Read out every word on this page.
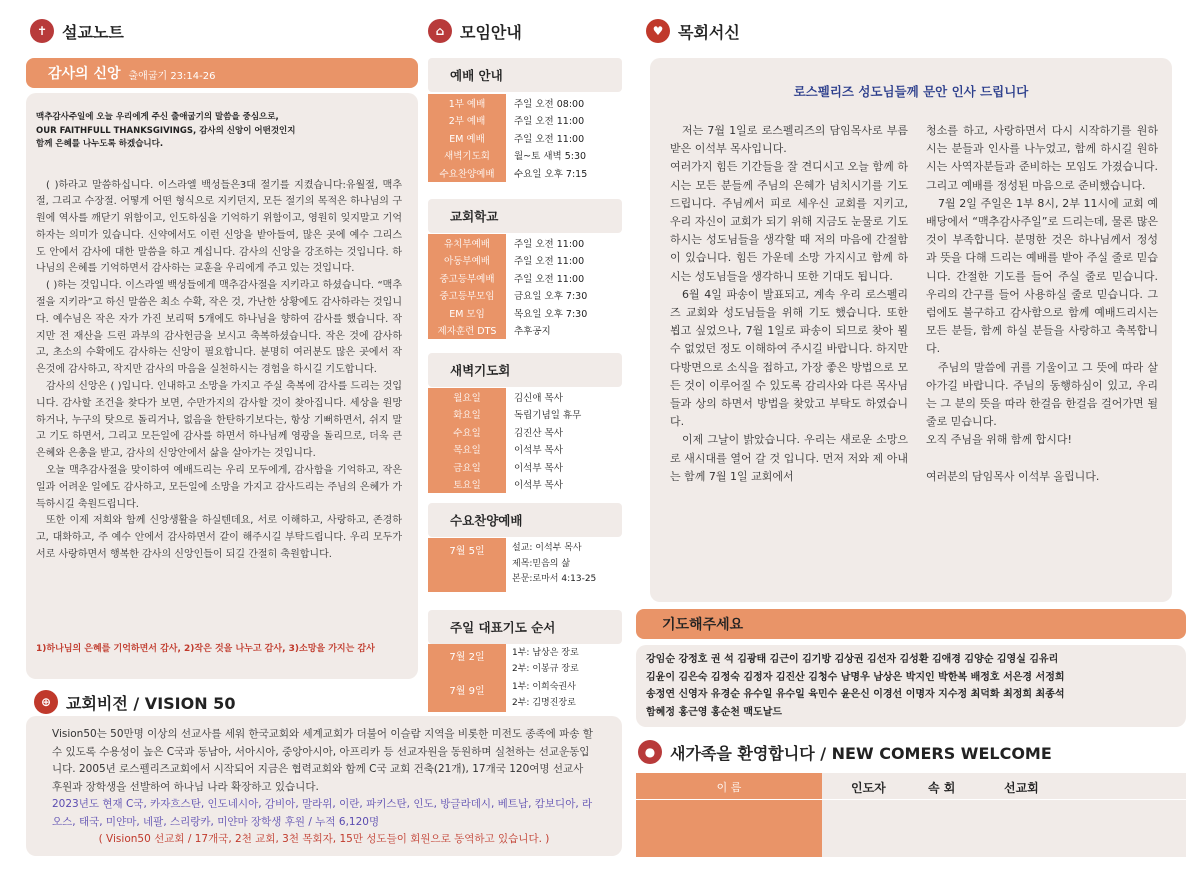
✝ 설교노트
감사의 신앙 출애굽기 23:14-26
맥추감사주일에 오늘 우리에게 주신 출애굽기의 말씀을 중심으로,
OUR FAITHFULL THANKSGIVINGS, 감사의 신앙이 어떤것인지
함께 은혜를 나누도록 하겠습니다.

( )하라고 말씀하십니다. 이스라엘 백성들은3대 절기를 지켰습니다:유월절, 맥추절, 그리고 수장절. 어떻게 어떤 형식으로 지키던지, 모든 절기의 목적은 하나님의 구원에 역사를 깨닫기 위함이고, 인도하심을 기억하기 위함이고, 영원히 잊지말고 기억하자는 의미가 있습니다. 신약에서도 이런 신앙을 받아들여, 많은 곳에 예수 그리스도 안에서 감사에 대한 말씀을 하고 계십니다. 감사의 신앙을 강조하는 것입니다. 하나님의 은혜를 기억하면서 감사하는 교훈을 우리에게 주고 있는 것입니다.

( )하는 것입니다. 이스라엘 백성들에게 맥추감사절을 지키라고 하셨습니다. “맥추절을 지키라”고 하신 말씀은 최소 수확, 작은 것, 가난한 상황에도 감사하라는 것입니다. 예수님은 작은 자가 가진 보리떡 5개에도 하나님을 향하여 감사를 했습니다. 작지만 전 재산을 드린 과부의 감사헌금을 보시고 축복하셨습니다. 작은 것에 감사하고, 초소의 수확에도 감사하는 신앙이 필요합니다. 분명히 여러분도 많은 곳에서 작은것에 감사하고, 작지만 감사의 마음을 실천하시는 경험을 하시길 기도합니다.

감사의 신앙은 ( )입니다. 인내하고 소망을 가지고 주실 축복에 감사를 드리는 것입니다. 감사할 조건을 찾다가 보면, 수만가지의 감사할 것이 찾아집니다. 세상을 원망하거나, 누구의 탓으로 돌리거나, 없음을 한탄하기보다는, 항상 기뻐하면서, 쉬지 말고 기도 하면서, 그리고 모든일에 감사를 하면서 하나님께 영광을 돌리므로, 더욱 큰 은혜와 은총을 받고, 감사의 신앙안에서 삶을 살아가는 것입니다.

오늘 맥추감사절을 맞이하여 예배드리는 우리 모두에게, 감사함을 기억하고, 작은 일과 어려운 일에도 감사하고, 모든일에 소망을 가지고 감사드리는 주님의 은혜가 가득하시길 축원드립니다.

또한 이제 저희와 함께 신앙생활을 하실텐데요, 서로 이해하고, 사랑하고, 존경하고, 대화하고, 주 예수 안에서 감사하면서 같이 해주시길 부탁드립니다. 우리 모두가 서로 사랑하면서 행복한 감사의 신앙인들이 되길 간절히 축원합니다.

1)하나님의 은혜를 기억하면서 감사, 2)작은 것을 나누고 감사, 3)소망을 가지는 감사
⊕ 교회비전 / VISION 50
Vision50는 50만명 이상의 선교사를 세워 한국교회와 세계교회가 더불어 이슬람 지역을 비롯한 미전도 종족에 파송 할 수 있도록 수용성이 높은 C국과 동남아, 서아시아, 중앙아시아, 아프리카 등 선교자원을 동원하며 실천하는 선교운동입니다. 2005년 로스펠리즈교회에서 시작되어 지금은 협력교회와 함께 C국 교회 건축(21개), 17개국 120여명 선교사 후원과 장학생을 선발하여 하나님 나라 확장하고 있습니다.
2023년도 현재 C국, 카자흐스탄, 인도네시아, 감비아, 말라위, 이란, 파키스탄, 인도, 방글라데시, 베트남, 캄보디아, 라오스, 태국, 미얀마, 네팔, 스리랑카, 미얀마 장학생 후원 / 누적 6,120명
( Vision50 선교회 / 17개국, 2천 교회, 3천 목회자, 15만 성도들이 회원으로 동역하고 있습니다. )
⌂ 모임안내
예배 안내
1부 예배	주일 오전 08:00
2부 예배	주일 오전 11:00
EM 예배	주일 오전 11:00
새벽기도회	월~토 새벽 5:30
수요찬양예배	수요일 오후 7:15
교회학교
유치부예배	주일 오전 11:00
아동부예배	주일 오전 11:00
중고등부예배	주일 오전 11:00
중고등부모임	금요일 오후 7:30
EM 모임	목요일 오후 7:30
제자훈련 DTS	추후공지
새벽기도회
월요일	김신애 목사
화요일	독립기념일 휴무
수요일	김진산 목사
목요일	이석부 목사
금요일	이석부 목사
토요일	이석부 목사
수요찬양예배
7월 5일	설교: 이석부 목사
제목:믿음의 삶
본문:로마서 4:13-25
주일 대표기도 순서
7월 2일	1부: 남상은 장로
2부: 이봉규 장로
7월 9일	1부: 이희숙권사
2부: 김명진장로
♥ 목회서신
로스펠리즈 성도님들께 문안 인사 드립니다

저는 7월 1일로 로스펠리즈의 담임목사로 부름받은 이석부 목사입니다.

여러가지 힘든 기간들을 잘 견디시고 오늘 함께 하시는 모든 분들께 주님의 은혜가 넘치시기를 기도 드립니다. 주님께서 피로 세우신 교회를 지키고, 우리 자신이 교회가 되기 위해 지금도 눈물로 기도 하시는 성도님들을 생각할 때 저의 마음에 간절함이 있습니다. 힘든 가운데 소망 가지시고 함께 하시는 성도님들을 생각하니 또한 기대도 됩니다.

6월 4일 파송이 발표되고, 계속 우리 로스펠리즈 교회와 성도님들을 위해 기도 했습니다. 또한 뵙고 싶었으나, 7월 1일로 파송이 되므로 찾아 뵐 수 없었던 정도 이해하여 주시길 바랍니다. 하지만 다방면으로 소식을 접하고, 가장 좋은 방법으로 모든 것이 이루어질 수 있도록 감리사와 다른 목사님들과 상의 하면서 방법을 찾았고 부탁도 하였습니다.

이제 그날이 밝았습니다. 우리는 새로운 소망으로 새시대를 열어 갈 것 입니다. 먼저 저와 제 아내는 함께 7월 1일 교회에서

청소를 하고, 사랑하면서 다시 시작하기를 원하시는 분들과 인사를 나누었고, 함께 하시길 원하시는 사역자분들과 준비하는 모임도 가졌습니다. 그리고 예배를 정성된 마음으로 준비했습니다.

7월 2일 주일은 1부 8시, 2부 11시에 교회 예배당에서 “맥추감사주일”로 드리는데, 물론 많은 것이 부족합니다. 분명한 것은 하나님께서 정성과 뜻을 다해 드리는 예배를 받아 주실 줄로 믿습니다. 간절한 기도를 들어 주실 줄로 믿습니다. 우리의 간구를 들어 사용하실 줄로 믿습니다. 그럼에도 불구하고 감사함으로 함께 예배드리시는 모든 분들, 함께 하실 분들을 사랑하고 축복합니다.

주님의 말씀에 귀를 기울이고 그 뜻에 따라 살아가길 바랍니다. 주님의 동행하심이 있고, 우리는 그 분의 뜻을 따라 한걸음 한걸음 걸어가면 될 줄로 믿습니다.

오직 주님을 위해 함께 합시다!

여러분의 담임목사 이석부 올립니다.

기도해주세요
강임순 강정호 권 석 김광태 김근이 김기방 김상권 김선자 김성환 김애경 김양순 김영실 김유리
김윤이 김은숙 김정숙 김정자 김진산 김청수 남명우 남상은 박지인 박한복 배정호 서은경 서정희
송정연 신영자 유경순 유수일 유수일 육민수 윤은신 이경선 이명자 지수정 최덕화 최정희 최종석
함혜정 홍근영 홍순천 맥도날드
● 새가족을 환영합니다 / NEW COMERS WELCOME
이 름	인도자	속 회	선교회
